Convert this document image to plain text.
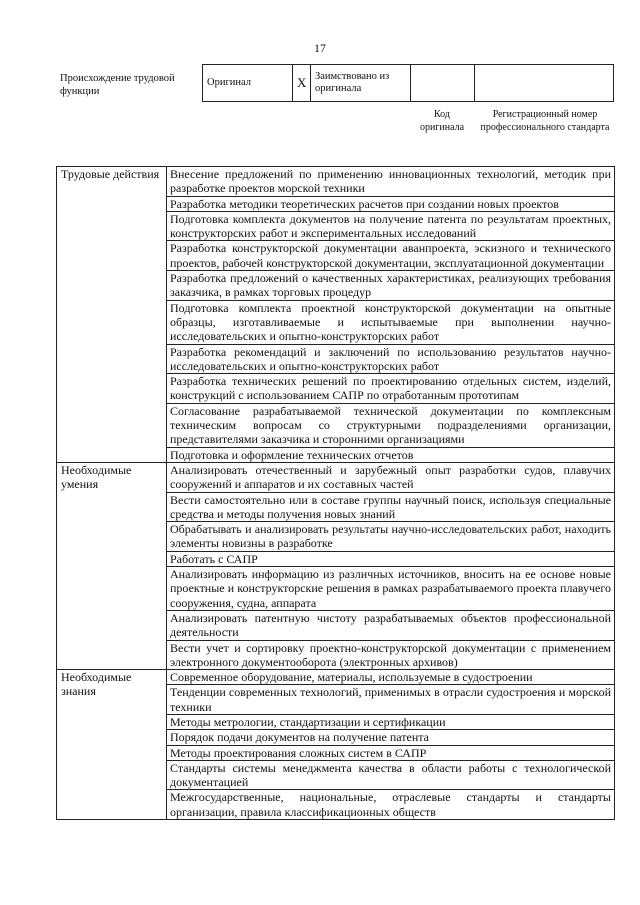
17
Происхождение трудовой функции
Оригинал	X	Заимствовано из оригинала		
Код оригинала
Регистрационный номер профессионального стандарта
Трудовые действия	Внесение предложений по применению инновационных технологий, методик при разработке проектов морской техники
	Разработка методики теоретических расчетов при создании новых проектов
	Подготовка комплекта документов на получение патента по результатам проектных, конструкторских работ и экспериментальных исследований
	Разработка конструкторской документации аванпроекта, эскизного и технического проектов, рабочей конструкторской документации, эксплуатационной документации
	Разработка предложений о качественных характеристиках, реализующих требования заказчика, в рамках торговых процедур
	Подготовка комплекта проектной конструкторской документации на опытные образцы, изготавливаемые и испытываемые при выполнении научно-исследовательских и опытно-конструкторских работ
	Разработка рекомендаций и заключений по использованию результатов научно-исследовательских и опытно-конструкторских работ
	Разработка технических решений по проектированию отдельных систем, изделий, конструкций с использованием САПР по отработанным прототипам
	Согласование разрабатываемой технической документации по комплексным техническим вопросам со структурными подразделениями организации, представителями заказчика и сторонними организациями
	Подготовка и оформление технических отчетов
Необходимые умения	Анализировать отечественный и зарубежный опыт разработки судов, плавучих сооружений и аппаратов и их составных частей
	Вести самостоятельно или в составе группы научный поиск, используя специальные средства и методы получения новых знаний
	Обрабатывать и анализировать результаты научно-исследовательских работ, находить элементы новизны в разработке
	Работать с САПР
	Анализировать информацию из различных источников, вносить на ее основе новые проектные и конструкторские решения в рамках разрабатываемого проекта плавучего сооружения, судна, аппарата
	Анализировать патентную чистоту разрабатываемых объектов профессиональной деятельности
	Вести учет и сортировку проектно-конструкторской документации с применением электронного документооборота (электронных архивов)
Необходимые знания	Современное оборудование, материалы, используемые в судостроении
	Тенденции современных технологий, применимых в отрасли судостроения и морской техники
	Методы метрологии, стандартизации и сертификации
	Порядок подачи документов на получение патента
	Методы проектирования сложных систем в САПР
	Стандарты системы менеджмента качества в области работы с технологической документацией
	Межгосударственные, национальные, отраслевые стандарты и стандарты организации, правила классификационных обществ
